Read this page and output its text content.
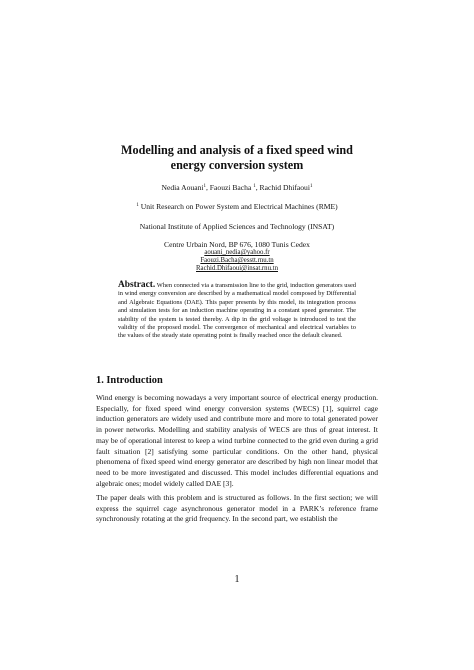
Modelling and analysis of a fixed speed wind
energy conversion system
Nedia Aouani$^1$, Faouzi Bacha $^1$, Rachid Dhifaoui$^1$
$^1$ Unit Research on Power System and Electrical Machines (RME)
National Institute of Applied Sciences and Technology (INSAT)
Centre Urbain Nord, BP 676, 1080 Tunis Cedex
aouani_nedia@yahoo.fr
Faouzi.Bacha@esstt.rnu.tn
Rachid.Dhifaoui@insat.rnu.tn
Abstract. When connected via a transmission line to the grid, induction generators used in wind energy conversion are described by a mathematical model composed by Differential and Algebraic Equations (DAE). This paper presents by this model, its integration process and simulation tests for an induction machine operating in a constant speed generator. The stability of the system is tested thereby. A dip in the grid voltage is introduced to test the validity of the proposed model. The convergence of mechanical and electrical variables to the values of the steady state operating point is finally reached once the default cleaned.
1. Introduction
Wind energy is becoming nowadays a very important source of electrical energy production. Especially, for fixed speed wind energy conversion systems (WECS) [1], squirrel cage induction generators are widely used and contribute more and more to total generated power in power networks. Modelling and stability analysis of WECS are thus of great interest. It may be of operational interest to keep a wind turbine connected to the grid even during a grid fault situation [2] satisfying some particular conditions. On the other hand, physical phenomena of fixed speed wind energy generator are described by high non linear model that need to be more investigated and discussed. This model includes differential equations and algebraic ones; model widely called DAE [3].
The paper deals with this problem and is structured as follows. In the first section; we will express the squirrel cage asynchronous generator model in a PARK’s reference frame synchronously rotating at the grid frequency. In the second part, we establish the
1
